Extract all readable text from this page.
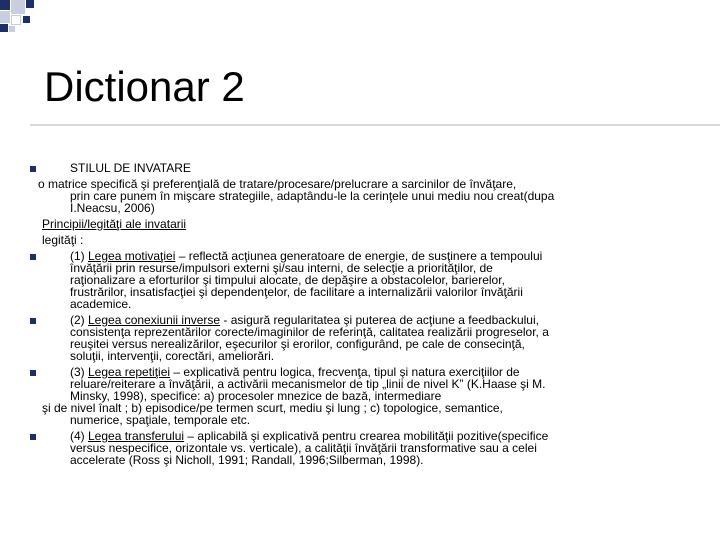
Dictionar 2
STILUL DE INVATARE
o matrice specifică şi preferenţială de tratare/procesare/prelucrare a sarcinilor de învăţare,
prin care punem în mişcare strategiile, adaptându-le la cerinţele unui mediu nou creat(dupa
I.Neacsu, 2006)
Principii/legităţi ale invatarii
legităţi :
(1) Legea motivaţiei – reflectă acţiunea generatoare de energie, de susţinere a tempoului
învăţării prin resurse/impulsori externi şi/sau interni, de selecţie a priorităţilor, de
raţionalizare a eforturilor şi timpului alocate, de depăşire a obstacolelor, barierelor,
frustrărilor, insatisfacţiei şi dependenţelor, de facilitare a internalizării valorilor învăţării
academice.
(2) Legea conexiunii inverse - asigură regularitatea şi puterea de acţiune a feedbackului,
consistenţa reprezentărilor corecte/imaginilor de referinţă, calitatea realizării progreselor, a
reuşitei versus nerealizărilor, eşecurilor şi erorilor, configurând, pe cale de consecinţă,
soluţii, intervenţii, corectări, ameliorări.
(3) Legea repetiţiei – explicativă pentru logica, frecvenţa, tipul şi natura exerciţiilor de
reluare/reiterare a învăţării, a activării mecanismelor de tip „linii de nivel K” (K.Haase şi M.
Minsky, 1998), specifice: a) procesoler mnezice de bază, intermediare
şi de nivel înalt ; b) episodice/pe termen scurt, mediu şi lung ; c) topologice, semantice,
numerice, spaţiale, temporale etc.
(4) Legea transferului – aplicabilă şi explicativă pentru crearea mobilităţii pozitive(specifice
versus nespecifice, orizontale vs. verticale), a calităţii învăţării transformative sau a celei
accelerate (Ross şi Nicholl, 1991; Randall, 1996;Silberman, 1998).
